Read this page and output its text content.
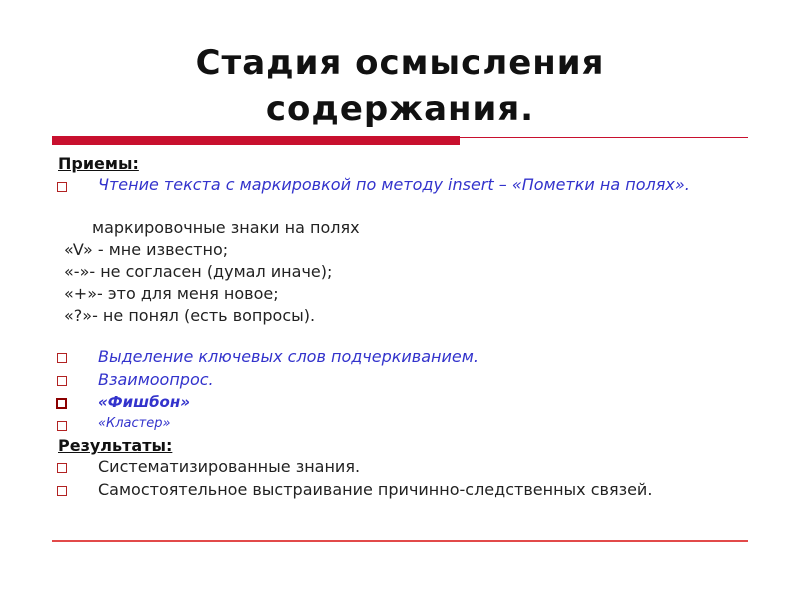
Стадия осмысления
содержания.
Приемы:
Чтение текста с маркировкой по методу insert – «Пометки на полях».
маркировочные знаки на полях
«V» - мне известно;
«-»- не согласен (думал иначе);
«+»- это для меня новое;
«?»- не понял (есть вопросы).
Выделение ключевых слов подчеркиванием.
Взаимоопрос.
«Фишбон»
«Кластер»
Результаты:
Систематизированные знания.
Самостоятельное выстраивание причинно-следственных связей.
